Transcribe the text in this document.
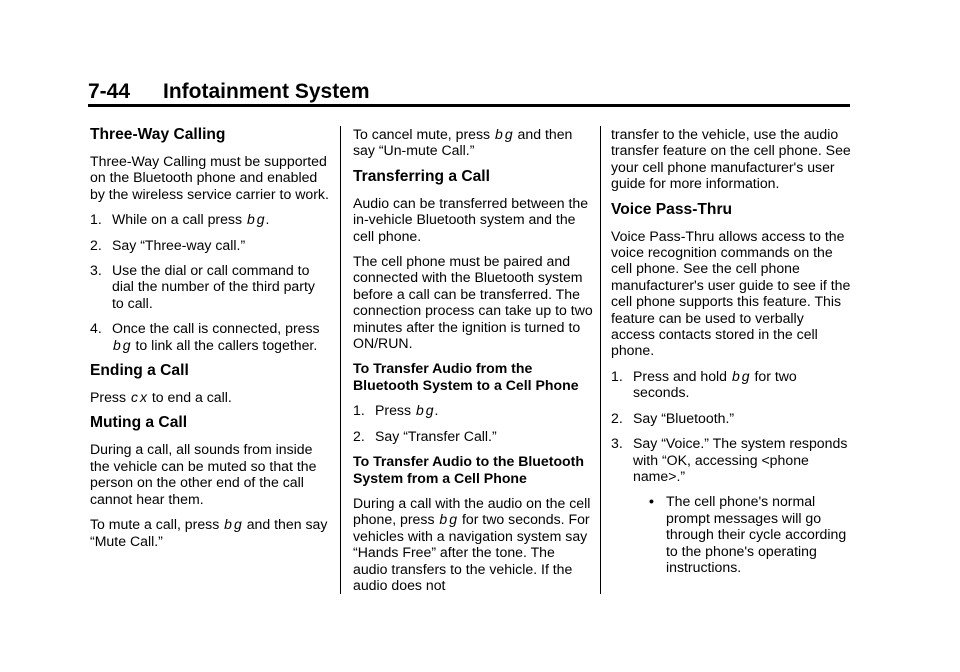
7-44 Infotainment System
Three-Way Calling

Three-Way Calling must be supported on the Bluetooth phone and enabled by the wireless service carrier to work.

1. While on a call press b g.
2. Say “Three-way call.”
3. Use the dial or call command to dial the number of the third party to call.
4. Once the call is connected, press b g to link all the callers together.
Ending a Call

Press c x to end a call.

Muting a Call

During a call, all sounds from inside the vehicle can be muted so that the person on the other end of the call cannot hear them.

To mute a call, press b g and then say “Mute Call.”

To cancel mute, press b g and then say “Un-mute Call.”

Transferring a Call

Audio can be transferred between the in-vehicle Bluetooth system and the cell phone.

The cell phone must be paired and connected with the Bluetooth system before a call can be transferred. The connection process can take up to two minutes after the ignition is turned to ON/RUN.

To Transfer Audio from the Bluetooth System to a Cell Phone

1. Press b g.
2. Say “Transfer Call.”

To Transfer Audio to the Bluetooth System from a Cell Phone

During a call with the audio on the cell phone, press b g for two seconds. For vehicles with a navigation system say “Hands Free” after the tone. The audio transfers to the vehicle. If the audio does not

transfer to the vehicle, use the audio transfer feature on the cell phone. See your cell phone manufacturer's user guide for more information.

Voice Pass-Thru

Voice Pass-Thru allows access to the voice recognition commands on the cell phone. See the cell phone manufacturer's user guide to see if the cell phone supports this feature. This feature can be used to verbally access contacts stored in the cell phone.

1. Press and hold b g for two seconds.
2. Say “Bluetooth.”
3. Say “Voice.” The system responds with “OK, accessing <phone name>.”
• The cell phone's normal prompt messages will go through their cycle according to the phone's operating instructions.
